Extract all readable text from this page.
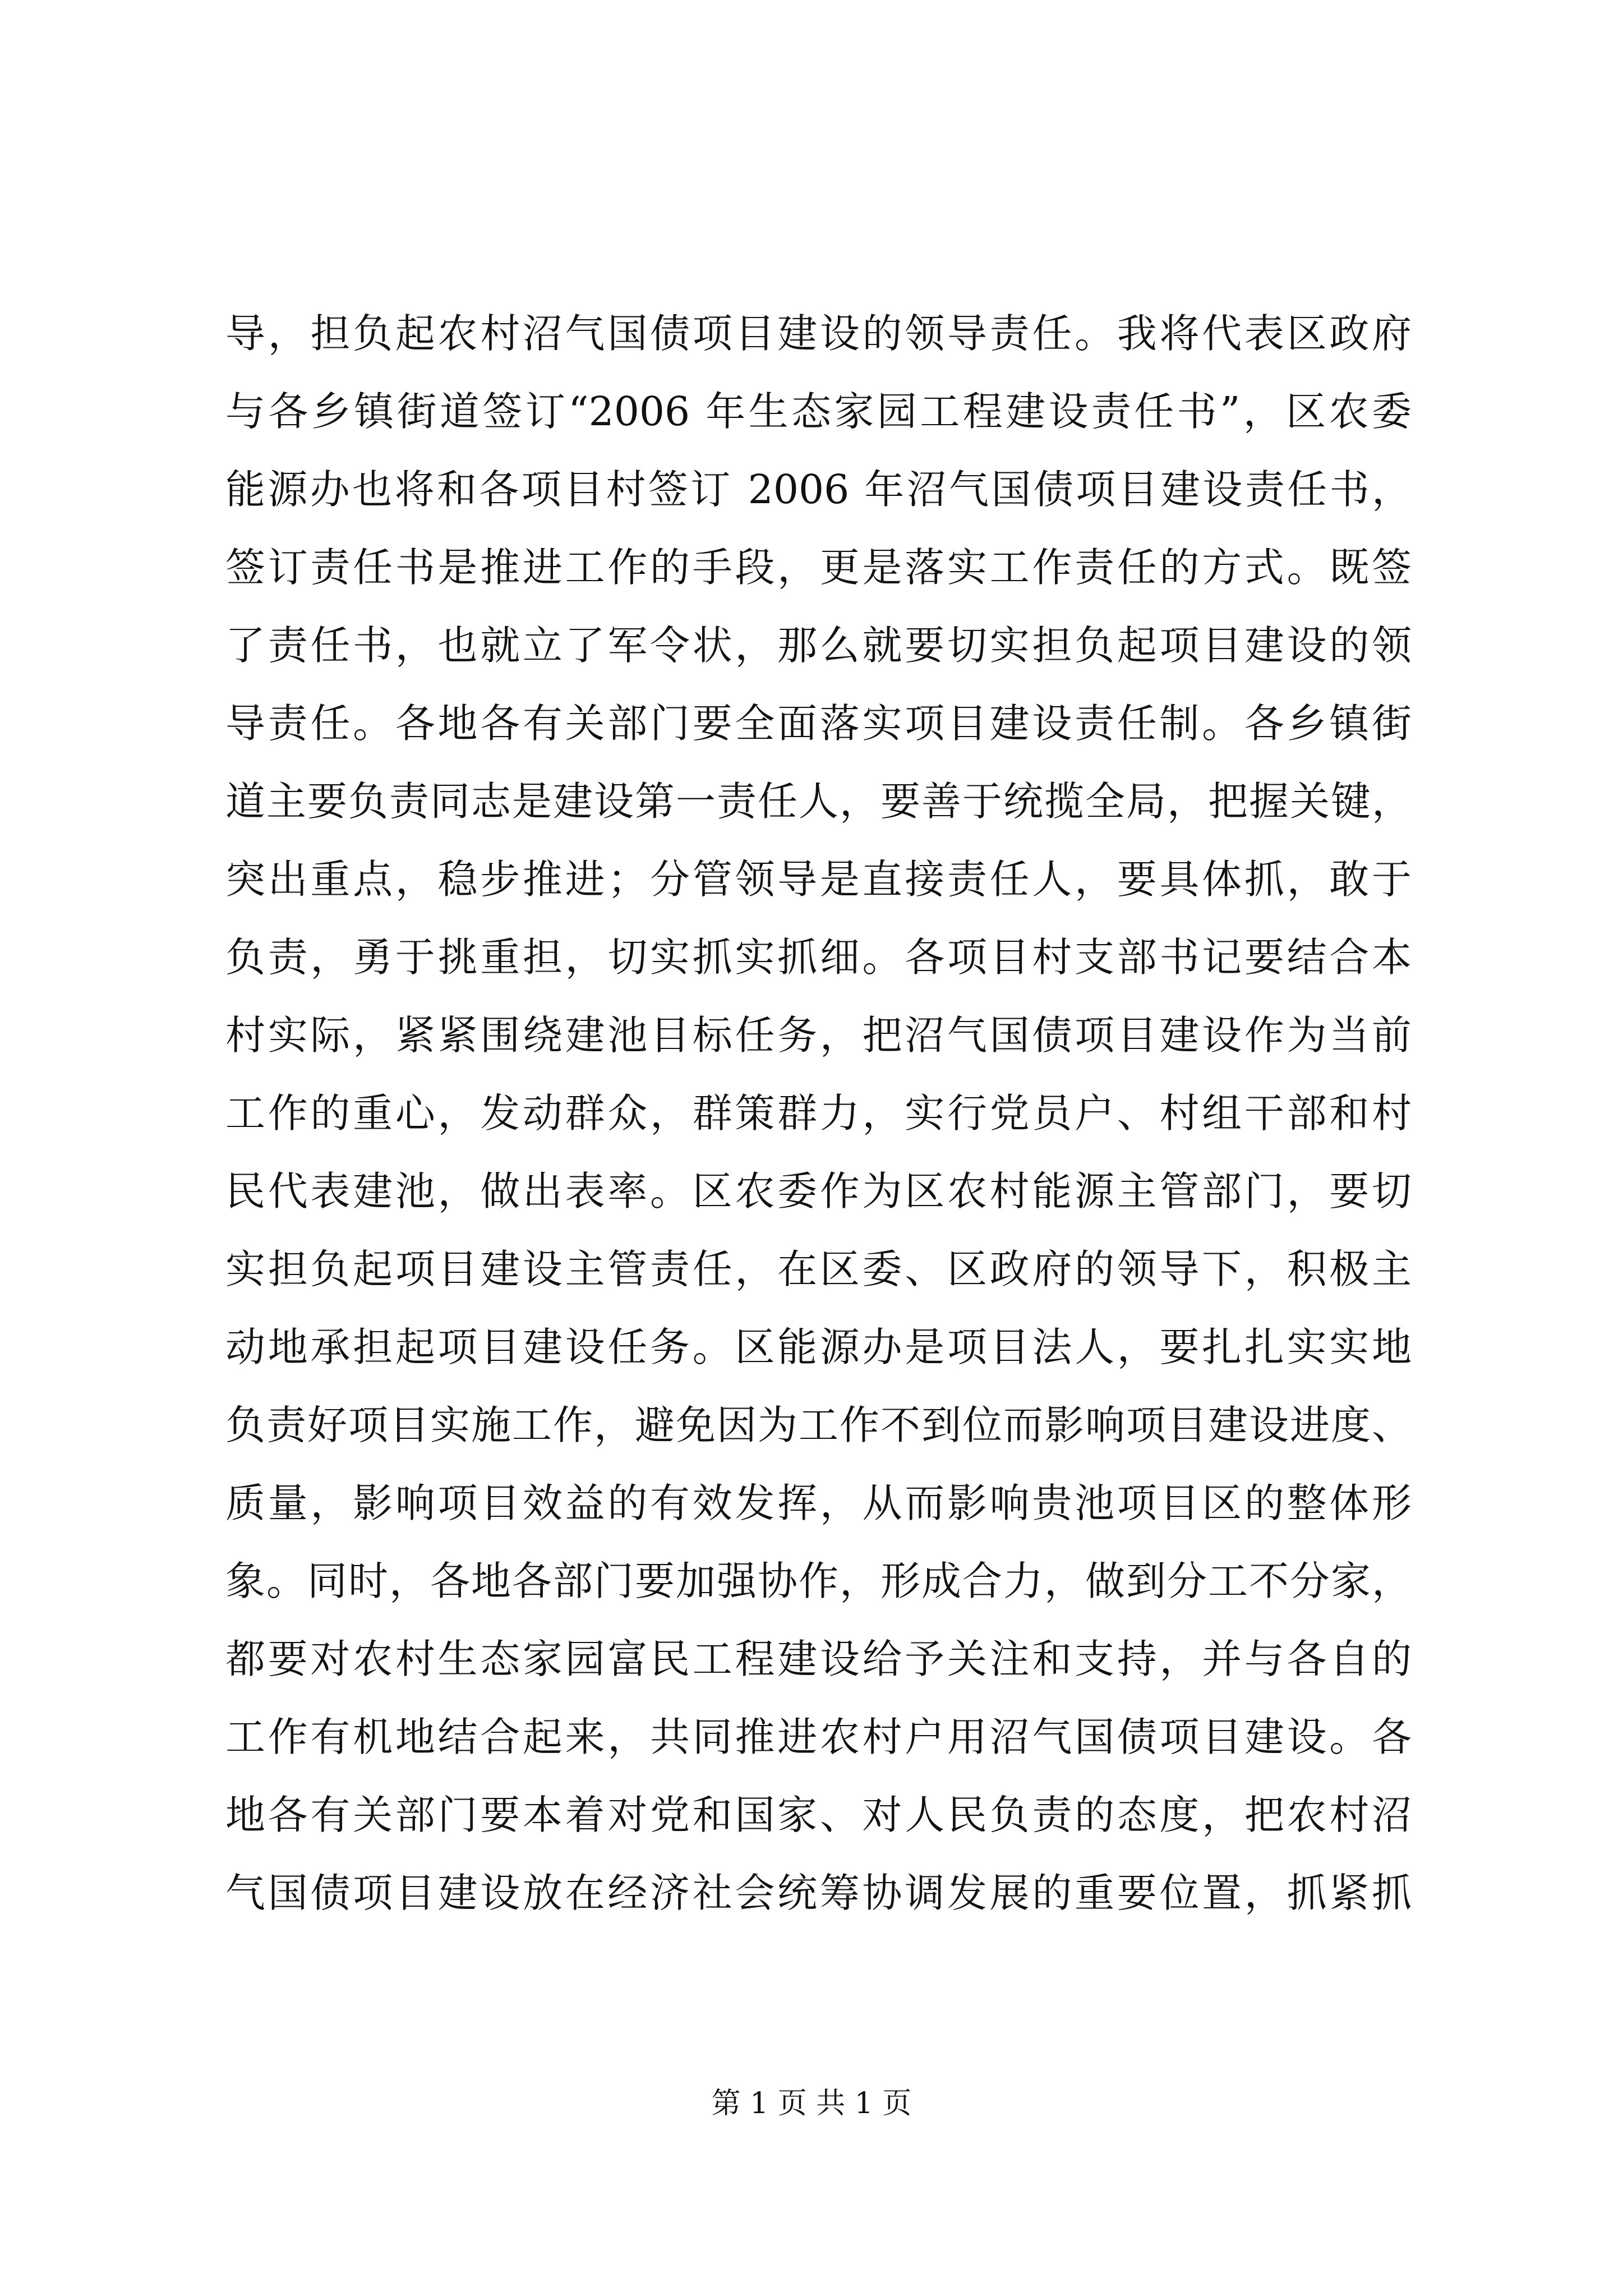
导，担负起农村沼气国债项目建设的领导责任。我将代表区政府
与各乡镇街道签订“2006 年生态家园工程建设责任书”，区农委
能源办也将和各项目村签订 2006 年沼气国债项目建设责任书，
签订责任书是推进工作的手段，更是落实工作责任的方式。既签
了责任书，也就立了军令状，那么就要切实担负起项目建设的领
导责任。各地各有关部门要全面落实项目建设责任制。各乡镇街
道主要负责同志是建设第一责任人，要善于统揽全局，把握关键，
突出重点，稳步推进；分管领导是直接责任人，要具体抓，敢于
负责，勇于挑重担，切实抓实抓细。各项目村支部书记要结合本
村实际，紧紧围绕建池目标任务，把沼气国债项目建设作为当前
工作的重心，发动群众，群策群力，实行党员户、村组干部和村
民代表建池，做出表率。区农委作为区农村能源主管部门，要切
实担负起项目建设主管责任，在区委、区政府的领导下，积极主
动地承担起项目建设任务。区能源办是项目法人，要扎扎实实地
负责好项目实施工作，避免因为工作不到位而影响项目建设进度、
质量，影响项目效益的有效发挥，从而影响贵池项目区的整体形
象。同时，各地各部门要加强协作，形成合力，做到分工不分家，
都要对农村生态家园富民工程建设给予关注和支持，并与各自的
工作有机地结合起来，共同推进农村户用沼气国债项目建设。各
地各有关部门要本着对党和国家、对人民负责的态度，把农村沼
气国债项目建设放在经济社会统筹协调发展的重要位置，抓紧抓
第 1 页 共 1 页
